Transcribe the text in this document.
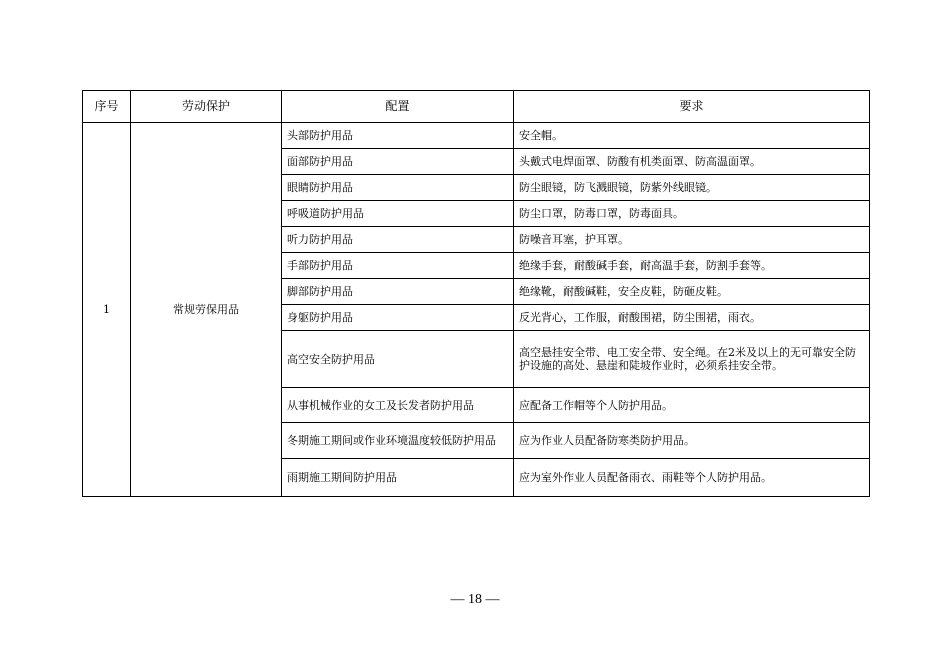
序号	劳动保护	配置	要求
1	常规劳保用品	头部防护用品	安全帽。
		面部防护用品	头戴式电焊面罩、防酸有机类面罩、防高温面罩。
		眼睛防护用品	防尘眼镜，防飞溅眼镜，防紫外线眼镜。
		呼吸道防护用品	防尘口罩，防毒口罩，防毒面具。
		听力防护用品	防噪音耳塞，护耳罩。
		手部防护用品	绝缘手套，耐酸碱手套，耐高温手套，防割手套等。
		脚部防护用品	绝缘靴，耐酸碱鞋，安全皮鞋，防砸皮鞋。
		身躯防护用品	反光背心，工作服，耐酸围裙，防尘围裙，雨衣。
		高空安全防护用品	高空悬挂安全带、电工安全带、安全绳。在2米及以上的无可靠安全防护设施的高处、悬崖和陡坡作业时，必须系挂安全带。
		从事机械作业的女工及长发者防护用品	应配备工作帽等个人防护用品。
		冬期施工期间或作业环境温度较低防护用品	应为作业人员配备防寒类防护用品。
		雨期施工期间防护用品	应为室外作业人员配备雨衣、雨鞋等个人防护用品。
— 18 —
